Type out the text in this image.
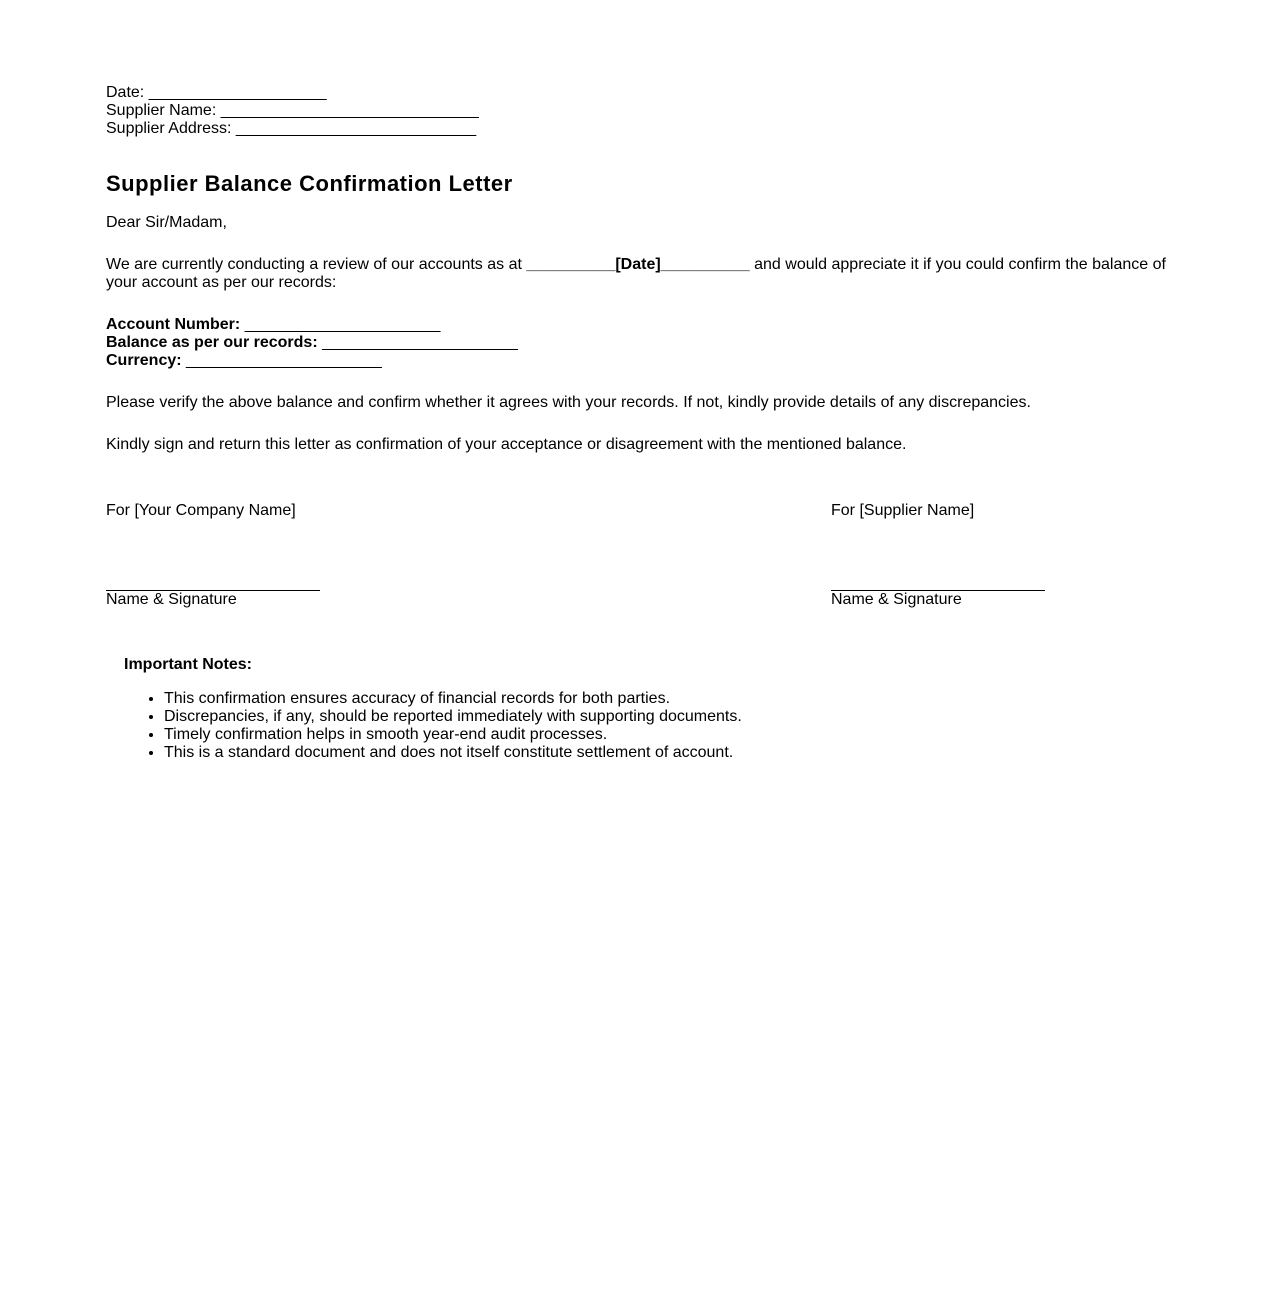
Date: ____________________
Supplier Name: _____________________________
Supplier Address: ___________________________
Supplier Balance Confirmation Letter
Dear Sir/Madam,
We are currently conducting a review of our accounts as at __________[Date]__________ and would appreciate it if you could confirm the balance of your account as per our records:
Account Number: ______________________
Balance as per our records: ______________________
Currency: ______________________
Please verify the above balance and confirm whether it agrees with your records. If not, kindly provide details of any discrepancies.
Kindly sign and return this letter as confirmation of your acceptance or disagreement with the mentioned balance.
For [Your Company Name]
Name & Signature
For [Supplier Name]
Name & Signature
Important Notes:
• This confirmation ensures accuracy of financial records for both parties.
• Discrepancies, if any, should be reported immediately with supporting documents.
• Timely confirmation helps in smooth year-end audit processes.
• This is a standard document and does not itself constitute settlement of account.
